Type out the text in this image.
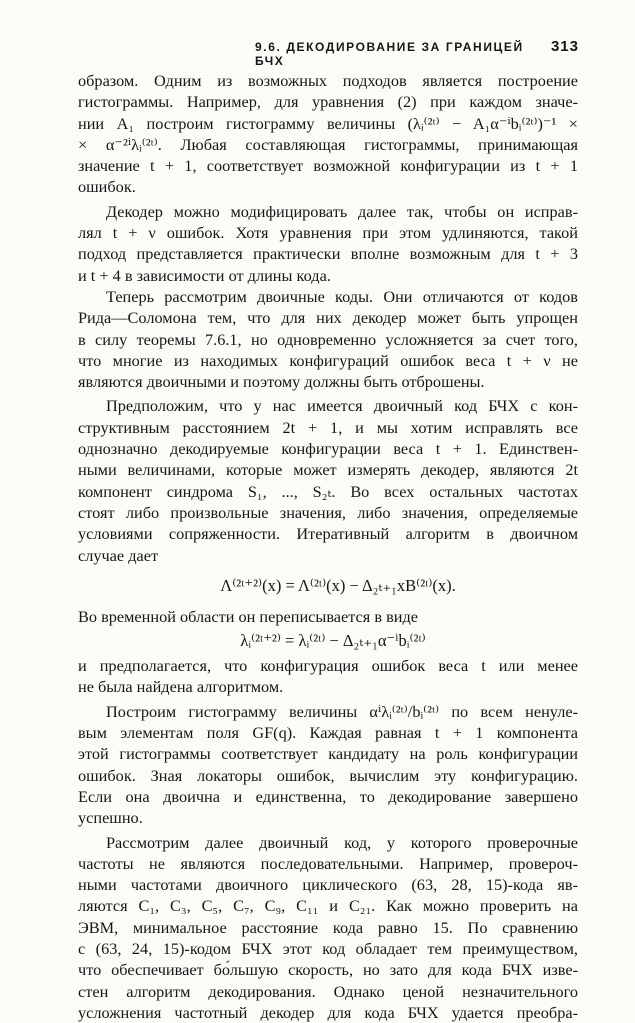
9.6. ДЕКОДИРОВАНИЕ ЗА ГРАНИЦЕЙ БЧХ
313
образом. Одним из возможных подходов является построение
гистограммы. Например, для уравнения (2) при каждом значе-
нии A₁ построим гистограмму величины (λᵢ⁽²ᵗ⁾ − A₁α⁻ⁱbᵢ⁽²ᵗ⁾)⁻¹ ×
× α⁻²ⁱλᵢ⁽²ᵗ⁾. Любая составляющая гистограммы, принимающая
значение t + 1, соответствует возможной конфигурации из t + 1
ошибок.
Декодер можно модифицировать далее так, чтобы он исправ-
лял t + ν ошибок. Хотя уравнения при этом удлиняются, такой
подход представляется практически вполне возможным для t + 3
и t + 4 в зависимости от длины кода.
Теперь рассмотрим двоичные коды. Они отличаются от кодов
Рида—Соломона тем, что для них декодер может быть упрощен
в силу теоремы 7.6.1, но одновременно усложняется за счет того,
что многие из находимых конфигураций ошибок веса t + ν не
являются двоичными и поэтому должны быть отброшены.
Предположим, что у нас имеется двоичный код БЧХ с кон-
структивным расстоянием 2t + 1, и мы хотим исправлять все
однозначно декодируемые конфигурации веса t + 1. Единствен-
ными величинами, которые может измерять декодер, являются 2t
компонент синдрома S₁, ..., S₂ₜ. Во всех остальных частотах
стоят либо произвольные значения, либо значения, определяемые
условиями сопряженности. Итеративный алгоритм в двоичном
случае дает
Λ⁽²ᵗ⁺²⁾(x) = Λ⁽²ᵗ⁾(x) − Δ₂ₜ₊₁xB⁽²ᵗ⁾(x).
Во временной области он переписывается в виде
λᵢ⁽²ᵗ⁺²⁾ = λᵢ⁽²ᵗ⁾ − Δ₂ₜ₊₁α⁻ⁱbᵢ⁽²ᵗ⁾
и предполагается, что конфигурация ошибок веса t или менее
не была найдена алгоритмом.
Построим гистограмму величины αⁱλᵢ⁽²ᵗ⁾/bᵢ⁽²ᵗ⁾ по всем ненуле-
вым элементам поля GF(q). Каждая равная t + 1 компонента
этой гистограммы соответствует кандидату на роль конфигурации
ошибок. Зная локаторы ошибок, вычислим эту конфигурацию.
Если она двоична и единственна, то декодирование завершено
успешно.
Рассмотрим далее двоичный код, у которого проверочные
частоты не являются последовательными. Например, провероч-
ными частотами двоичного циклического (63, 28, 15)-кода яв-
ляются C₁, C₃, C₅, C₇, C₉, C₁₁ и C₂₁. Как можно проверить на
ЭВМ, минимальное расстояние кода равно 15. По сравнению
с (63, 24, 15)-кодом БЧХ этот код обладает тем преимуществом,
что обеспечивает бо́льшую скорость, но зато для кода БЧХ изве-
стен алгоритм декодирования. Однако ценой незначительного
усложнения частотный декодер для кода БЧХ удается преобра-
